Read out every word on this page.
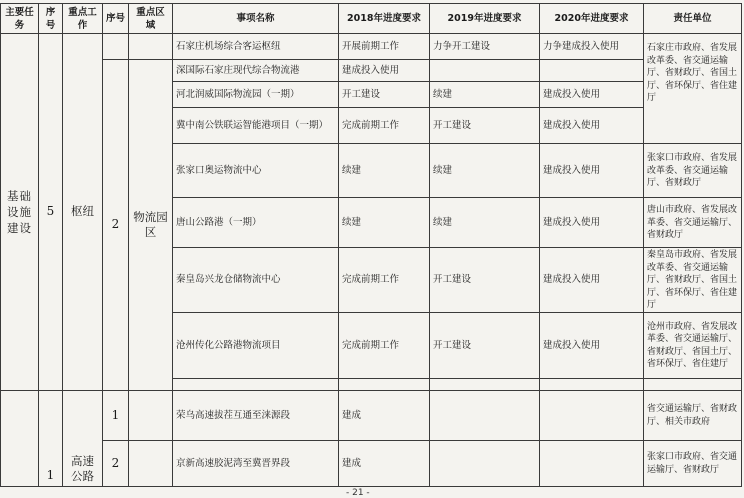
主要任务	序号	重点工作	序号	重点区域	事项名称	2018年进度要求	2019年进度要求	2020年进度要求	责任单位
基础设施建设	5	枢纽			石家庄机场综合客运枢纽	开展前期工作	力争开工建设	力争建成投入使用	石家庄市政府、省发展改革委、省交通运输厅、省财政厅、省国土厅、省环保厅、省住建厅
			2	物流园区	深国际石家庄现代综合物流港	建成投入使用			
					河北润威国际物流园（一期）	开工建设	续建	建成投入使用	
					冀中南公铁联运智能港项目（一期）	完成前期工作	开工建设	建成投入使用	
					张家口奥运物流中心	续建	续建	建成投入使用	张家口市政府、省发展改革委、省交通运输厅、省财政厅
					唐山公路港（一期）	续建	续建	建成投入使用	唐山市政府、省发展改革委、省交通运输厅、省财政厅
					秦皇岛兴龙仓储物流中心	完成前期工作	开工建设	建成投入使用	秦皇岛市政府、省发展改革委、省交通运输厅、省财政厅、省国土厅、省环保厅、省住建厅
					沧州传化公路港物流项目	完成前期工作	开工建设	建成投入使用	沧州市政府、省发展改革委、省交通运输厅、省财政厅、省国土厅、省环保厅、省住建厅

	1	高速公路	1		荣乌高速拔茬互通至涞源段	建成			省交通运输厅、省财政厅、相关市政府
			2		京新高速胶泥湾至冀晋界段	建成			张家口市政府、省交通运输厅、省财政厅
- 21 -
